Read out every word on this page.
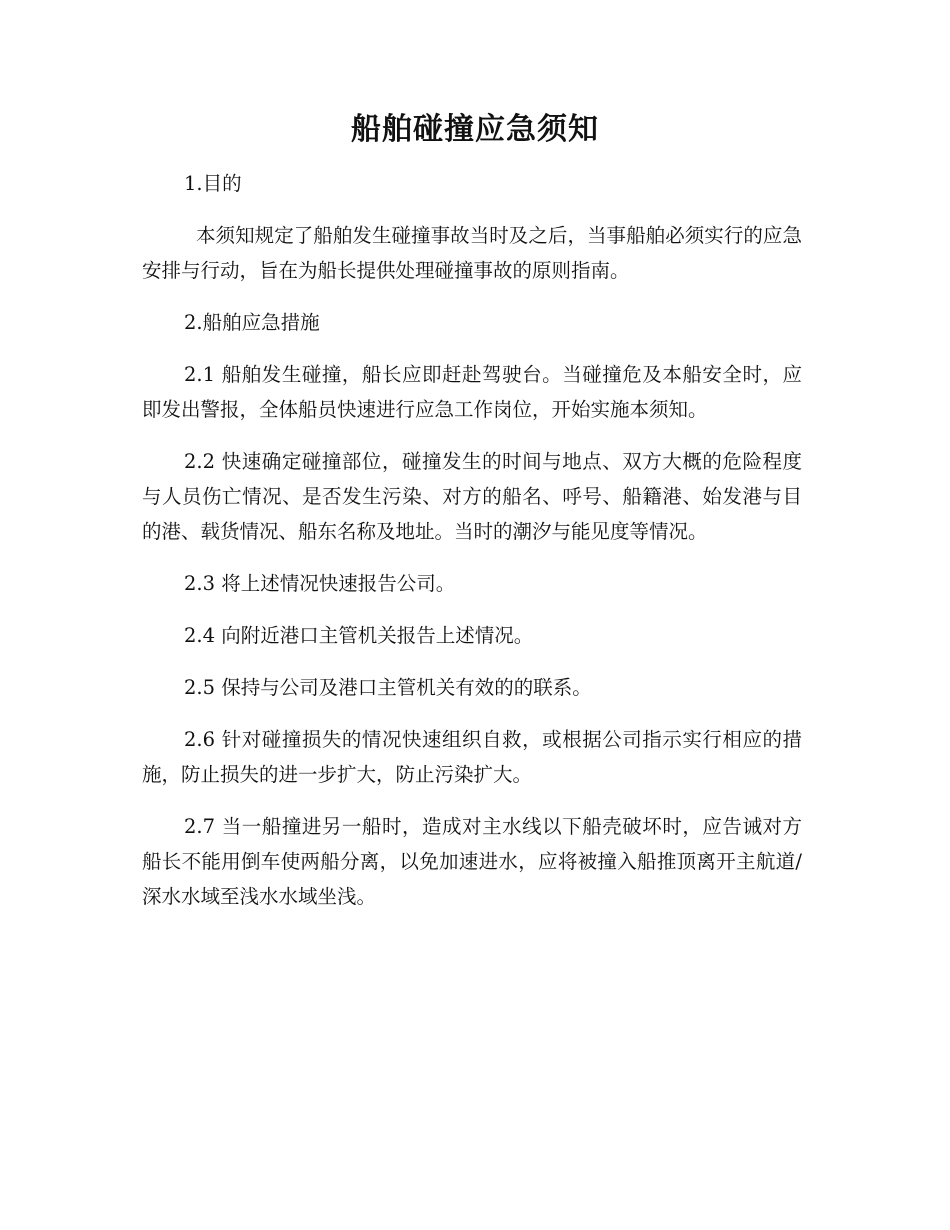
船舶碰撞应急须知

1.目的

本须知规定了船舶发生碰撞事故当时及之后，当事船舶必须实行的应急安排与行动，旨在为船长提供处理碰撞事故的原则指南。

2.船舶应急措施

2.1 船舶发生碰撞，船长应即赶赴驾驶台。当碰撞危及本船安全时，应即发出警报，全体船员快速进行应急工作岗位，开始实施本须知。

2.2 快速确定碰撞部位，碰撞发生的时间与地点、双方大概的危险程度与人员伤亡情况、是否发生污染、对方的船名、呼号、船籍港、始发港与目的港、载货情况、船东名称及地址。当时的潮汐与能见度等情况。

2.3 将上述情况快速报告公司。

2.4 向附近港口主管机关报告上述情况。

2.5 保持与公司及港口主管机关有效的的联系。

2.6 针对碰撞损失的情况快速组织自救，或根据公司指示实行相应的措施，防止损失的进一步扩大，防止污染扩大。

2.7 当一船撞进另一船时，造成对主水线以下船壳破坏时，应告诫对方船长不能用倒车使两船分离，以免加速进水，应将被撞入船推顶离开主航道/深水水域至浅水水域坐浅。
